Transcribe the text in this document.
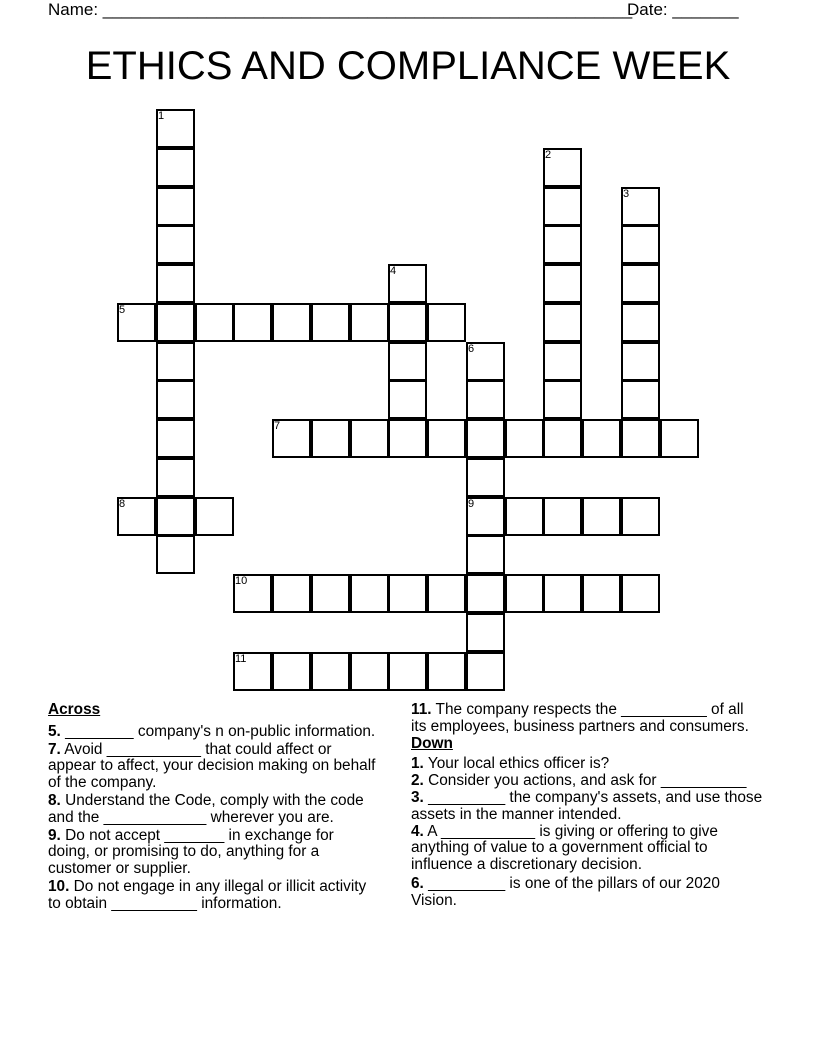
Name: ________________________________________________________
Date: _______
ETHICS AND COMPLIANCE WEEK
1
2
3
4
5
6
7
8	9
10
11
Across
5. ________ company's n on-public information.
7. Avoid ___________ that could affect or appear to affect, your decision making on behalf of the company.
8. Understand the Code, comply with the code and the ____________ wherever you are.
9. Do not accept _______ in exchange for doing, or promising to do, anything for a customer or supplier.
10. Do not engage in any illegal or illicit activity to obtain __________ information.
11. The company respects the __________ of all its employees, business partners and consumers.
Down
1. Your local ethics officer is?
2. Consider you actions, and ask for __________
3. _________ the company's assets, and use those assets in the manner intended.
4. A ___________ is giving or offering to give anything of value to a government official to influence a discretionary decision.
6. _________ is one of the pillars of our 2020 Vision.
